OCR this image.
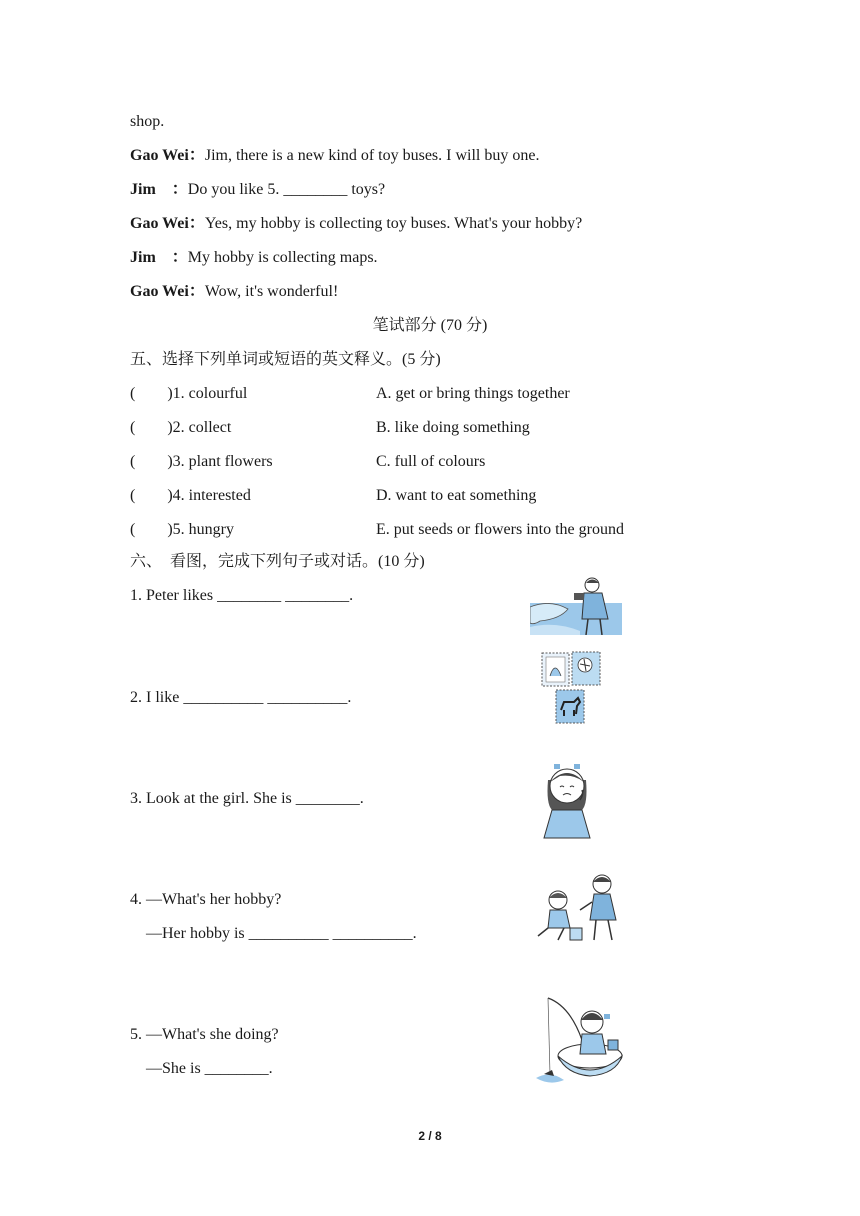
shop.
Gao Wei：Jim, there is a new kind of toy buses. I will buy one.
Jim    ：Do you like 5. ________ toys?
Gao Wei：Yes, my hobby is collecting toy buses. What's your hobby?
Jim    ：My hobby is collecting maps.
Gao Wei：Wow, it's wonderful!
笔试部分 (70 分)
五、选择下列单词或短语的英文释义。(5 分)
(        )1. colourful	A. get or bring things together
(        )2. collect	B. like doing something
(        )3. plant flowers	C. full of colours
(        )4. interested	D. want to eat something
(        )5. hungry	E. put seeds or flowers into the ground
六、  看图，完成下列句子或对话。(10 分)
1. Peter likes ________ ________.
2. I like __________ __________.
3. Look at the girl. She is ________.
4. —What's her hobby?
—Her hobby is __________ __________.
5. —What's she doing?
—She is ________.
2 / 8
